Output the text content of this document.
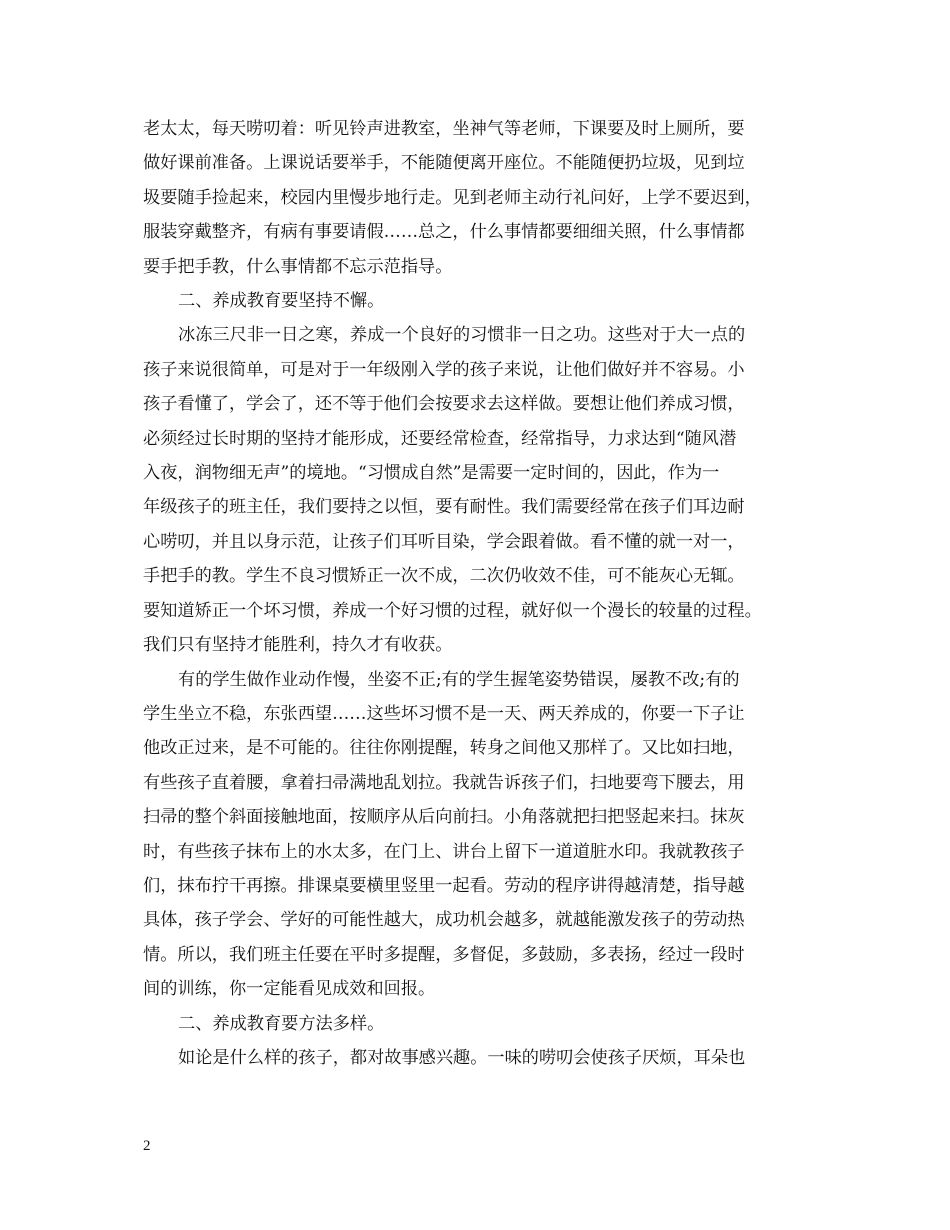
老太太，每天唠叨着：听见铃声进教室，坐神气等老师，下课要及时上厕所，要
做好课前准备。上课说话要举手，不能随便离开座位。不能随便扔垃圾，见到垃
圾要随手捡起来，校园内里慢步地行走。见到老师主动行礼问好，上学不要迟到，
服装穿戴整齐，有病有事要请假……总之，什么事情都要细细关照，什么事情都
要手把手教，什么事情都不忘示范指导。
二、养成教育要坚持不懈。
冰冻三尺非一日之寒，养成一个良好的习惯非一日之功。这些对于大一点的
孩子来说很简单，可是对于一年级刚入学的孩子来说，让他们做好并不容易。小
孩子看懂了，学会了，还不等于他们会按要求去这样做。要想让他们养成习惯，
必须经过长时期的坚持才能形成，还要经常检查，经常指导，力求达到“随风潜
入夜，润物细无声”的境地。“习惯成自然”是需要一定时间的，因此，作为一
年级孩子的班主任，我们要持之以恒，要有耐性。我们需要经常在孩子们耳边耐
心唠叨，并且以身示范，让孩子们耳听目染，学会跟着做。看不懂的就一对一，
手把手的教。学生不良习惯矫正一次不成，二次仍收效不佳，可不能灰心无辄。
要知道矫正一个坏习惯，养成一个好习惯的过程，就好似一个漫长的较量的过程。
我们只有坚持才能胜利，持久才有收获。
有的学生做作业动作慢，坐姿不正;有的学生握笔姿势错误，屡教不改;有的
学生坐立不稳，东张西望……这些坏习惯不是一天、两天养成的，你要一下子让
他改正过来，是不可能的。往往你刚提醒，转身之间他又那样了。又比如扫地，
有些孩子直着腰，拿着扫帚满地乱划拉。我就告诉孩子们，扫地要弯下腰去，用
扫帚的整个斜面接触地面，按顺序从后向前扫。小角落就把扫把竖起来扫。抹灰
时，有些孩子抹布上的水太多，在门上、讲台上留下一道道脏水印。我就教孩子
们，抹布拧干再擦。排课桌要横里竖里一起看。劳动的程序讲得越清楚，指导越
具体，孩子学会、学好的可能性越大，成功机会越多，就越能激发孩子的劳动热
情。所以，我们班主任要在平时多提醒，多督促，多鼓励，多表扬，经过一段时
间的训练，你一定能看见成效和回报。
二、养成教育要方法多样。
如论是什么样的孩子，都对故事感兴趣。一味的唠叨会使孩子厌烦，耳朵也
2
